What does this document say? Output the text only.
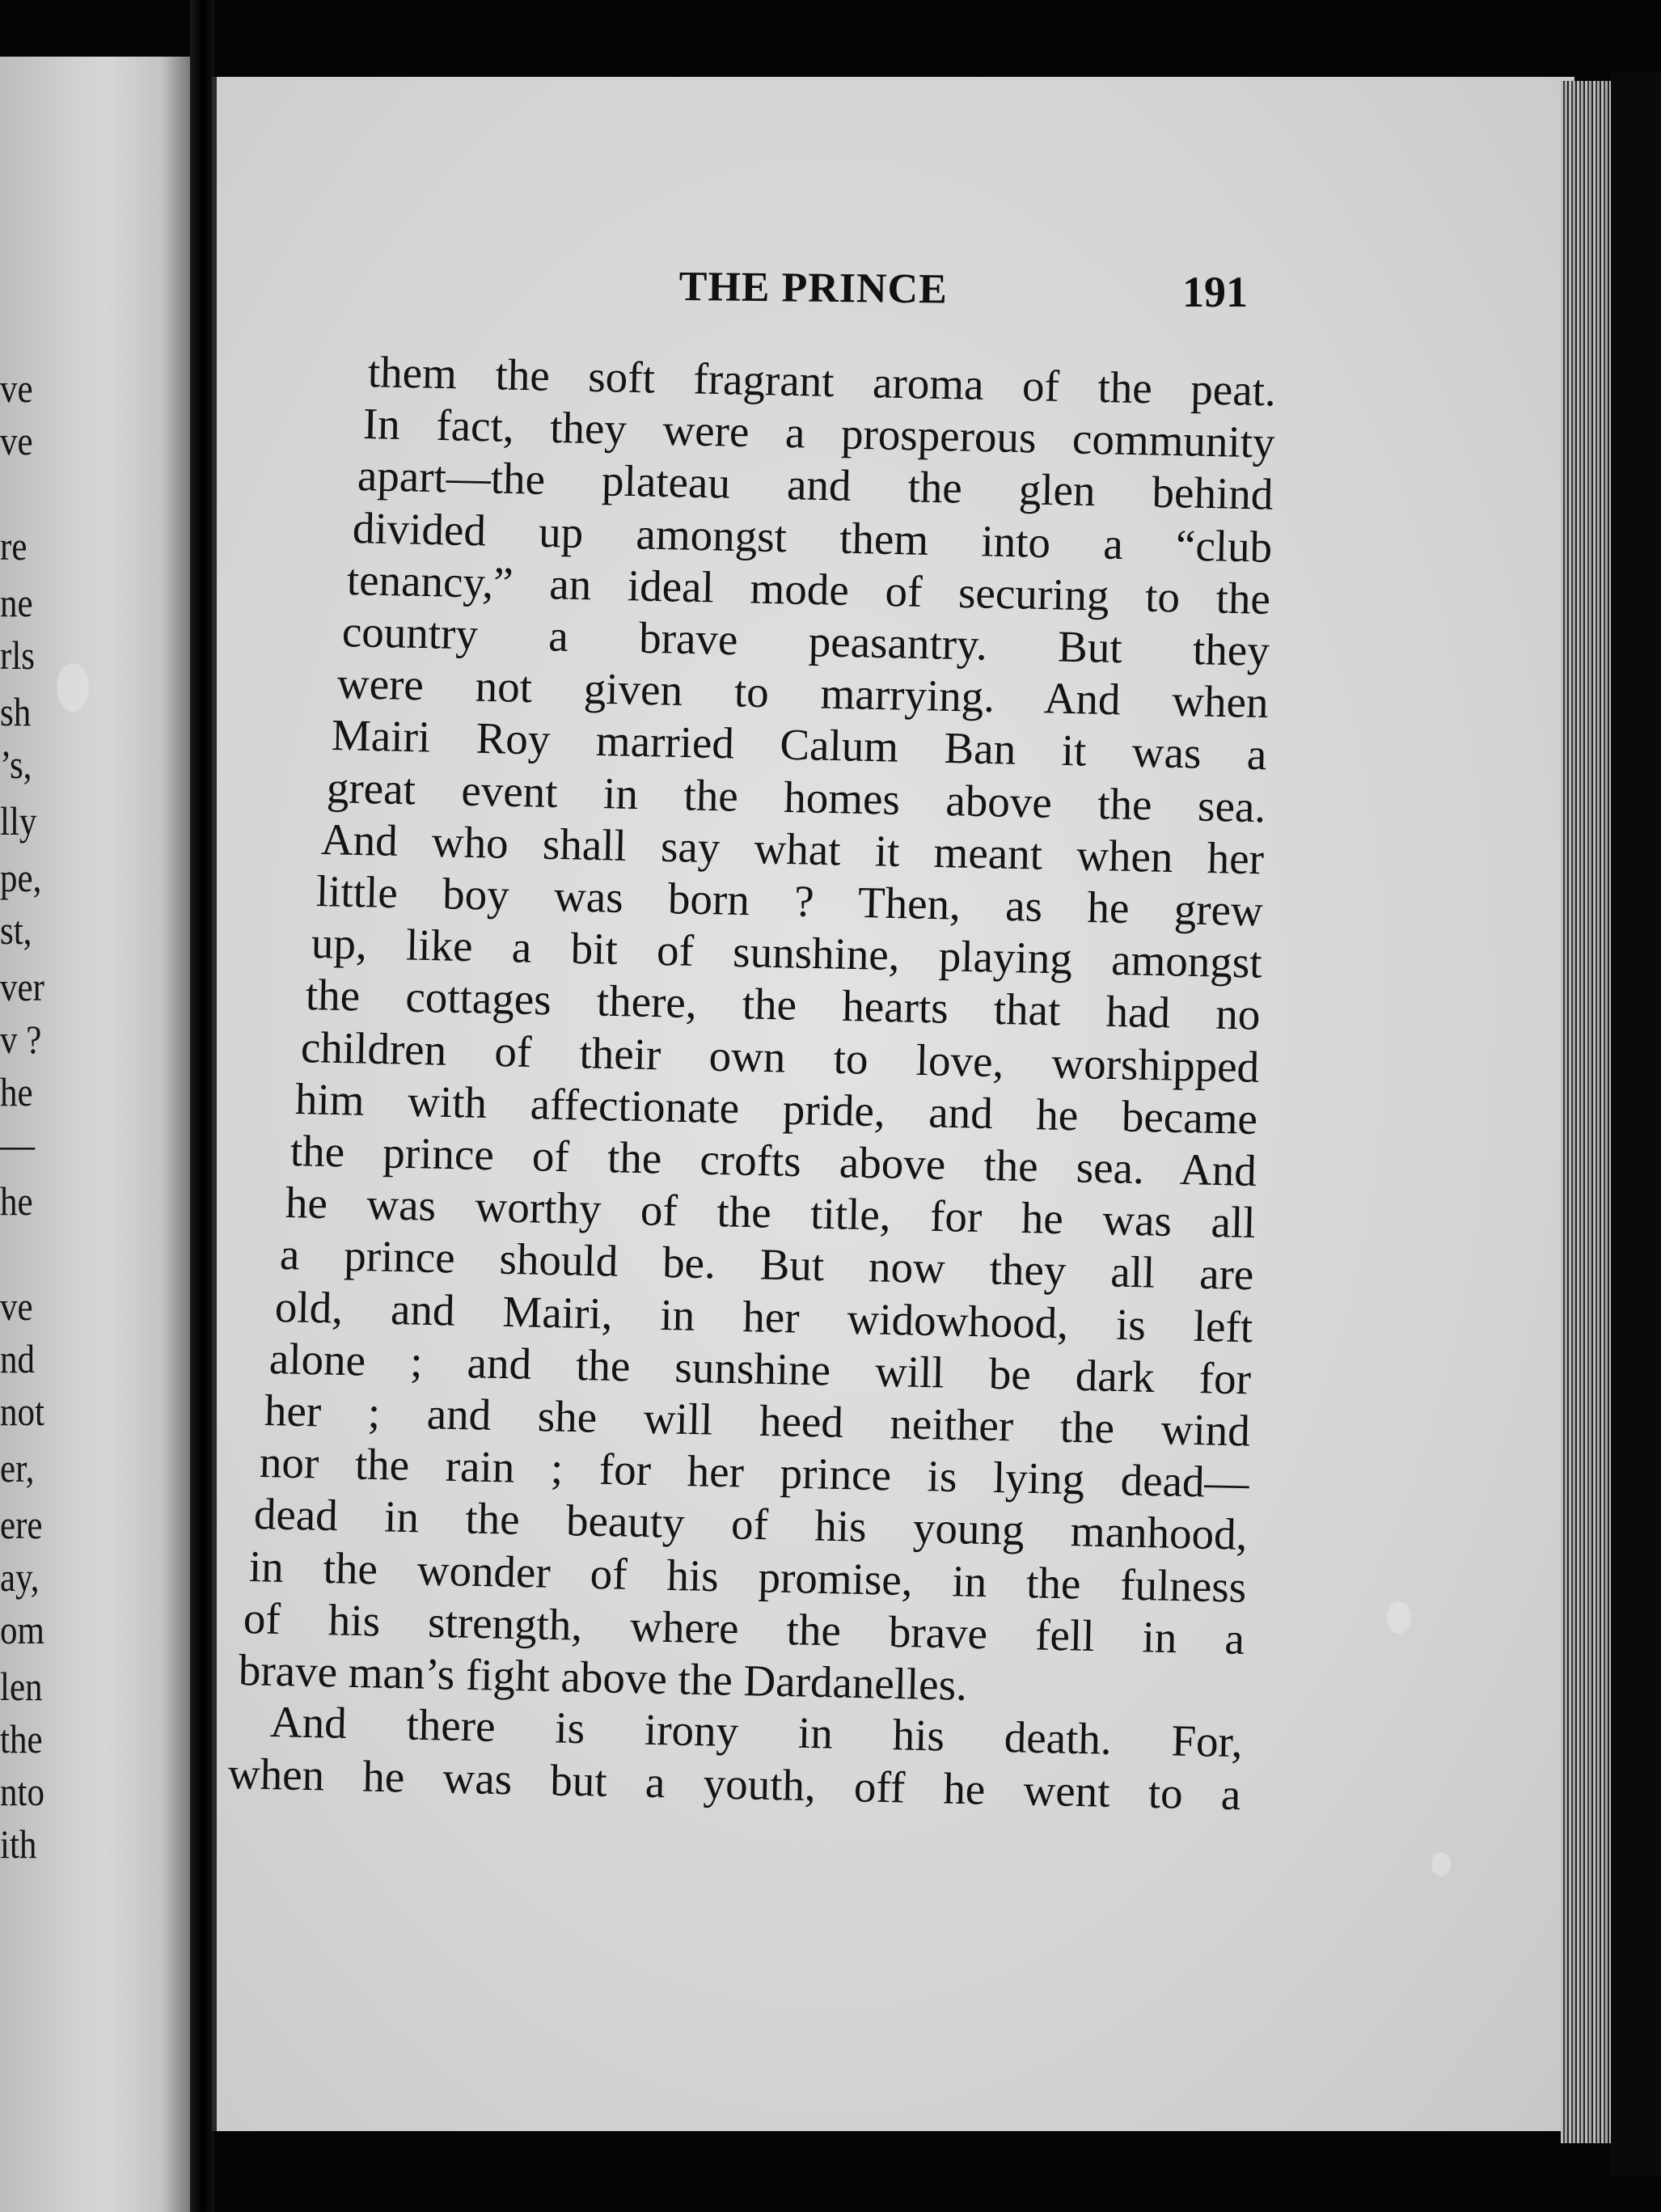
ve
ve
re
ne
rls
sh
’s,
lly
pe,
st,
ver
v ?
he
—
he
ve
nd
not
er,
ere
ay,
om
len
the
nto
ith
THE PRINCE	191
them the soft fragrant aroma of the peat.
In fact, they were a prosperous community
apart—the plateau and the glen behind
divided up amongst them into a “club
tenancy,” an ideal mode of securing to the
country a brave peasantry. But they
were not given to marrying. And when
Mairi Roy married Calum Ban it was a
great event in the homes above the sea.
And who shall say what it meant when her
little boy was born ? Then, as he grew
up, like a bit of sunshine, playing amongst
the cottages there, the hearts that had no
children of their own to love, worshipped
him with affectionate pride, and he became
the prince of the crofts above the sea. And
he was worthy of the title, for he was all
a prince should be. But now they all are
old, and Mairi, in her widowhood, is left
alone ; and the sunshine will be dark for
her ; and she will heed neither the wind
nor the rain ; for her prince is lying dead—
dead in the beauty of his young manhood,
in the wonder of his promise, in the fulness
of his strength, where the brave fell in a
brave man’s fight above the Dardanelles.
And there is irony in his death. For,
when he was but a youth, off he went to a
